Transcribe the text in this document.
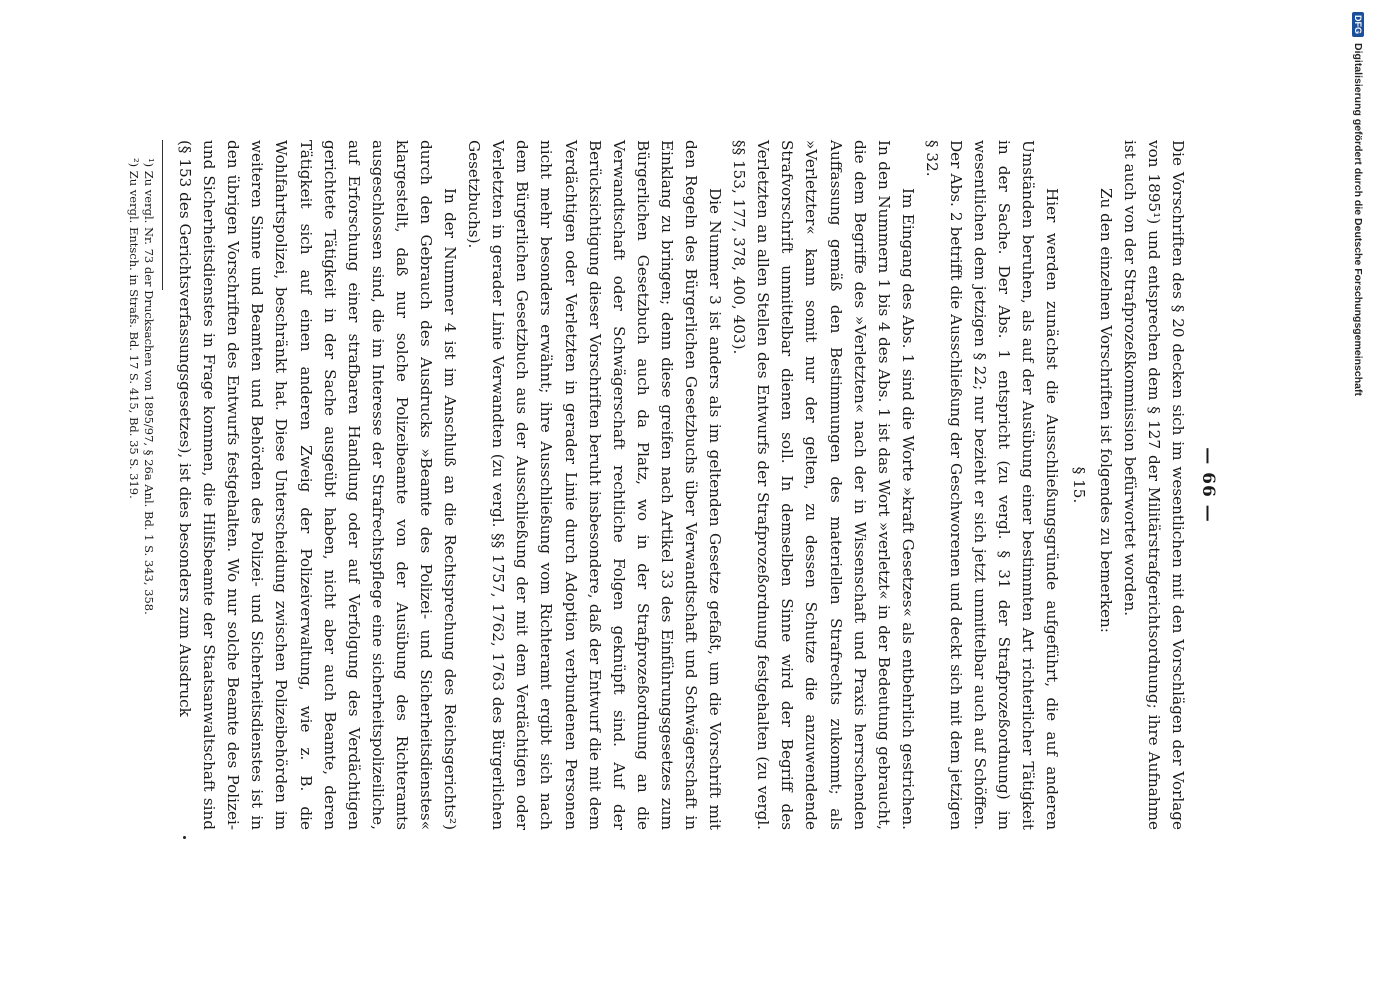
— 66 —

Die Vorschriften des § 20 decken sich im wesentlichen mit den Vorschlägen der Vorlage von 1895¹) und entsprechen dem § 127 der Militärstrafgerichtsordnung; ihre Aufnahme ist auch von der Strafprozeßkommission befürwortet worden.

Zu den einzelnen Vorschriften ist folgendes zu bemerken:

§ 15.

Hier werden zunächst die Ausschließungsgründe aufgeführt, die auf anderen Umständen beruhen, als auf der Ausübung einer bestimmten Art richterlicher Tätigkeit in der Sache. Der Abs. 1 entspricht (zu vergl. § 31 der Strafprozeßordnung) im wesentlichen dem jetzigen § 22; nur bezieht er sich jetzt unmittelbar auch auf Schöffen. Der Abs. 2 betrifft die Ausschließung der Geschworenen und deckt sich mit dem jetzigen § 32.

Im Eingang des Abs. 1 sind die Worte »kraft Gesetzes« als entbehrlich gestrichen. In den Nummern 1 bis 4 des Abs. 1 ist das Wort »verletzt« in der Bedeutung gebraucht, die dem Begriffe des »Verletzten« nach der in Wissenschaft und Praxis herrschenden Auffassung gemäß den Bestimmungen des materiellen Strafrechts zukommt; als »Verletzter« kann somit nur der gelten, zu dessen Schutze die anzuwendende Strafvorschrift unmittelbar dienen soll. In demselben Sinne wird der Begriff des Verletzten an allen Stellen des Entwurfs der Strafprozeßordnung festgehalten (zu vergl. §§ 153, 177, 378, 400, 403).

Die Nummer 3 ist anders als im geltenden Gesetze gefaßt, um die Vorschrift mit den Regeln des Bürgerlichen Gesetzbuchs über Verwandtschaft und Schwägerschaft in Einklang zu bringen; denn diese greifen nach Artikel 33 des Einführungsgesetzes zum Bürgerlichen Gesetzbuch auch da Platz, wo in der Strafprozeßordnung an die Verwandtschaft oder Schwägerschaft rechtliche Folgen geknüpft sind. Auf der Berücksichtigung dieser Vorschriften beruht insbesondere, daß der Entwurf die mit dem Verdächtigen oder Verletzten in gerader Linie durch Adoption verbundenen Personen nicht mehr besonders erwähnt; ihre Ausschließung vom Richteramt ergibt sich nach dem Bürgerlichen Gesetzbuch aus der Ausschließung der mit dem Verdächtigen oder Verletzten in gerader Linie Verwandten (zu vergl. §§ 1757, 1762, 1763 des Bürgerlichen Gesetzbuchs).

In der Nummer 4 ist im Anschluß an die Rechtsprechung des Reichsgerichts²) durch den Gebrauch des Ausdrucks »Beamte des Polizei- und Sicherheitsdienstes« klargestellt, daß nur solche Polizeibeamte von der Ausübung des Richteramts ausgeschlossen sind, die im Interesse der Strafrechtspflege eine sicherheitspolizeiliche, auf Erforschung einer strafbaren Handlung oder auf Verfolgung des Verdächtigen gerichtete Tätigkeit in der Sache ausgeübt haben, nicht aber auch Beamte, deren Tätigkeit sich auf einen anderen Zweig der Polizeiverwaltung, wie z. B. die Wohlfahrtspolizei, beschränkt hat. Diese Unterscheidung zwischen Polizeibehörden im weiteren Sinne und Beamten und Behörden des Polizei- und Sicherheitsdienstes ist in den übrigen Vorschriften des Entwurfs festgehalten. Wo nur solche Beamte des Polizei- und Sicherheitsdienstes in Frage kommen, die Hilfsbeamte der Staatsanwaltschaft sind (§ 153 des Gerichtsverfassungsgesetzes), ist dies besonders zum Ausdruck

¹) Zu vergl. Nr. 73 der Drucksachen von 1895/97, § 26a Anl. Bd. 1 S. 343, 358.

²) Zu vergl. Entsch. in Strafs. Bd. 17 S. 415, Bd. 35 S. 319.

DFG
Digitalisierung gefördert durch die Deutsche Forschungsgemeinschaft
